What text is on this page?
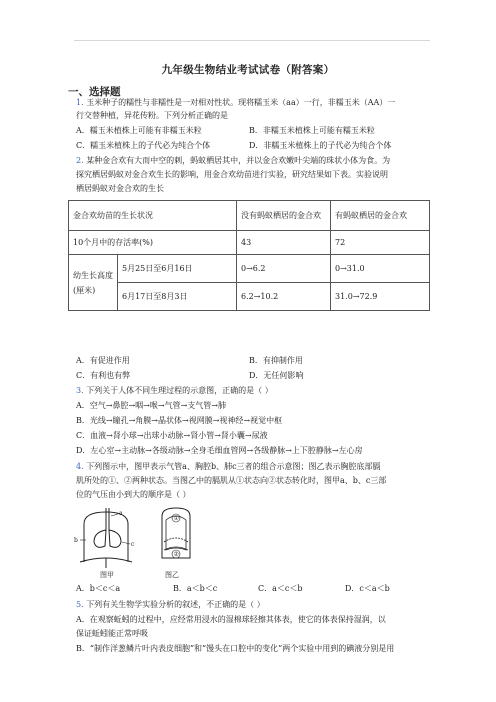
九年级生物结业考试试卷（附答案）
一、选择题
1. 玉米种子的糯性与非糯性是一对相对性状。现将糯玉米（aa）一行，非糯玉米（AA）一
行交替种植，异花传粉。下列分析正确的是
A．糯玉米植株上可能有非糯玉米粒	B．非糯玉米植株上可能有糯玉米粒
C．糯玉米植株上的子代必为纯合个体	D．非糯玉米植株上的子代必为纯合个体
2. 某种金合欢有大而中空的刺，蚂蚁栖居其中，并以金合欢嫩叶尖端的珠状小体为食。为
探究栖居蚂蚁对金合欢生长的影响，用金合欢幼苗进行实验，研究结果如下表。实验说明
栖居蚂蚁对金合欢的生长
金合欢幼苗的生长状况		没有蚂蚁栖居的金合欢	有蚂蚁栖居的金合欢
10个月中的存活率(%)		43	72
幼生长高度(厘米)	5月25日至6月16日	0→6.2	0→31.0
	6月17日至8月3日	6.2→10.2	31.0→72.9
A．有促进作用	B．有抑制作用
C．有利也有弊	D．无任何影响
3. 下列关于人体不同生理过程的示意图，正确的是（ ）
A．空气→鼻腔→咽→喉→气管→支气管→肺
B．光线→瞳孔→角膜→晶状体→视网膜→视神经→视觉中枢
C．血液→肾小球→出球小动脉→肾小管→肾小囊→尿液
D．左心室→主动脉→各级动脉→全身毛细血管网→各级静脉→上下腔静脉→左心房
4. 下列图示中，图甲表示气管a、胸腔b、肺c三者的组合示意图；图乙表示胸腔底部膈
肌所处的①、②两种状态。当图乙中的膈肌从①状态向②状态转化时，图甲a、b、c三部
位的气压由小到大的顺序是（ ）
a
b
c
①
②
图甲	图乙
A．b＜c＜a	B．a＜b＜c	C．a＜c＜b	D．c＜a＜b
5. 下列有关生物学实验分析的叙述，不正确的是（ ）
A．在观察蚯蚓的过程中，应经常用浸水的湿棉球轻擦其体表，使它的体表保持湿润，以
保证蚯蚓能正常呼吸
B．“制作洋葱鳞片叶内表皮细胞”和“馒头在口腔中的变化”两个实验中用到的碘液分别是用
